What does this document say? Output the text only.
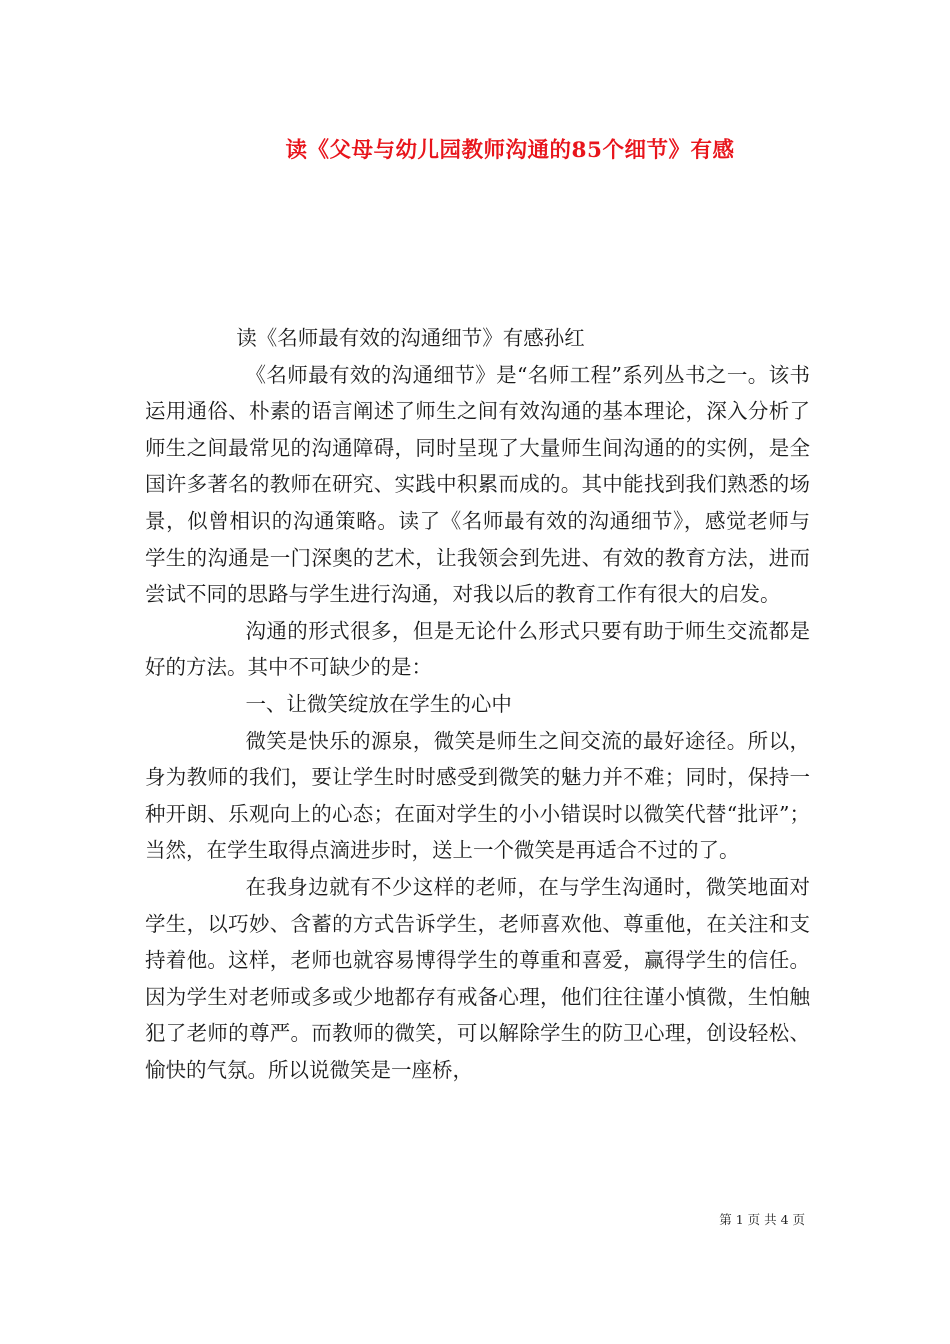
读《父母与幼儿园教师沟通的85个细节》有感

读《名师最有效的沟通细节》有感孙红

《名师最有效的沟通细节》是“名师工程”系列丛书之一。该书运用通俗、朴素的语言阐述了师生之间有效沟通的基本理论，深入分析了师生之间最常见的沟通障碍，同时呈现了大量师生间沟通的的实例，是全国许多著名的教师在研究、实践中积累而成的。其中能找到我们熟悉的场景，似曾相识的沟通策略。读了《名师最有效的沟通细节》，感觉老师与学生的沟通是一门深奥的艺术，让我领会到先进、有效的教育方法，进而尝试不同的思路与学生进行沟通，对我以后的教育工作有很大的启发。

沟通的形式很多，但是无论什么形式只要有助于师生交流都是好的方法。其中不可缺少的是：

一、让微笑绽放在学生的心中

微笑是快乐的源泉，微笑是师生之间交流的最好途径。所以，身为教师的我们，要让学生时时感受到微笑的魅力并不难；同时，保持一种开朗、乐观向上的心态；在面对学生的小小错误时以微笑代替“批评”；当然，在学生取得点滴进步时，送上一个微笑是再适合不过的了。

在我身边就有不少这样的老师，在与学生沟通时，微笑地面对学生，以巧妙、含蓄的方式告诉学生，老师喜欢他、尊重他，在关注和支持着他。这样，老师也就容易博得学生的尊重和喜爱，赢得学生的信任。因为学生对老师或多或少地都存有戒备心理，他们往往谨小慎微，生怕触犯了老师的尊严。而教师的微笑，可以解除学生的防卫心理，创设轻松、愉快的气氛。所以说微笑是一座桥，

第 1 页 共 4 页
